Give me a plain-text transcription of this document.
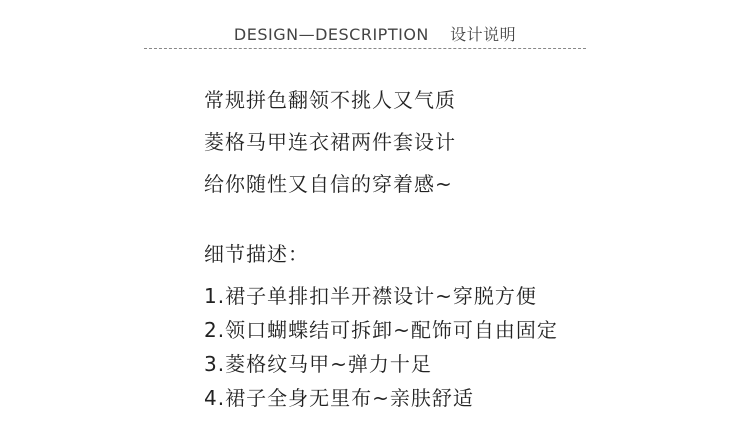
DESIGN—DESCRIPTION 设计说明
常规拼色翻领不挑人又气质
菱格马甲连衣裙两件套设计
给你随性又自信的穿着感~
细节描述：
1.裙子单排扣半开襟设计~穿脱方便
2.领口蝴蝶结可拆卸~配饰可自由固定
3.菱格纹马甲~弹力十足
4.裙子全身无里布~亲肤舒适
